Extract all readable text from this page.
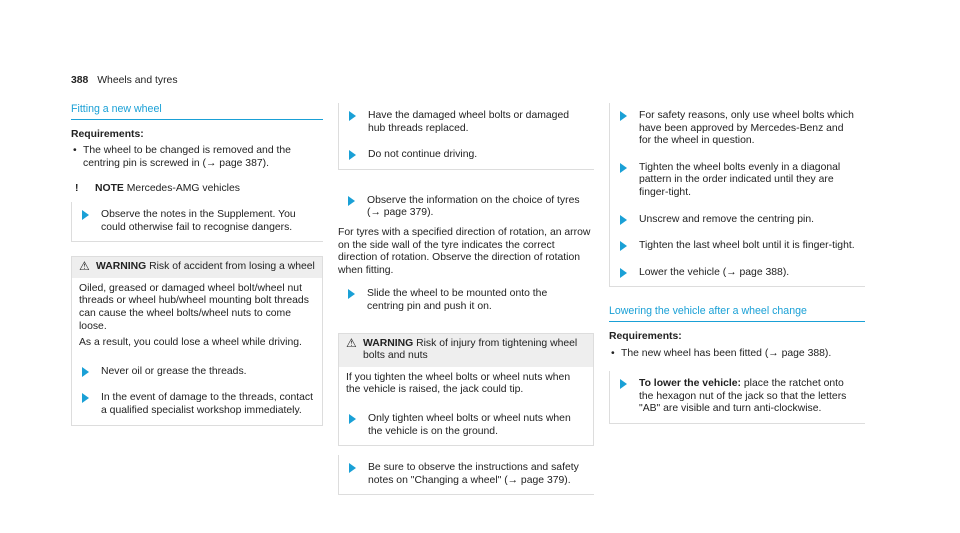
388 Wheels and tyres
Fitting a new wheel
Requirements:
• The wheel to be changed is removed and the centring pin is screwed in (→ page 387).
! NOTE Mercedes-AMG vehicles
Observe the notes in the Supplement. You could otherwise fail to recognise dangers.
⚠ WARNING Risk of accident from losing a wheel
Oiled, greased or damaged wheel bolt/wheel nut threads or wheel hub/wheel mounting bolt threads can cause the wheel bolts/wheel nuts to come loose.
As a result, you could lose a wheel while driving.
Never oil or grease the threads.
In the event of damage to the threads, contact a qualified specialist workshop immediately.
Have the damaged wheel bolts or damaged hub threads replaced.
Do not continue driving.
Observe the information on the choice of tyres (→ page 379).
For tyres with a specified direction of rotation, an arrow on the side wall of the tyre indicates the correct direction of rotation. Observe the direction of rotation when fitting.
Slide the wheel to be mounted onto the centring pin and push it on.
⚠ WARNING Risk of injury from tightening wheel bolts and nuts
If you tighten the wheel bolts or wheel nuts when the vehicle is raised, the jack could tip.
Only tighten wheel bolts or wheel nuts when the vehicle is on the ground.
Be sure to observe the instructions and safety notes on "Changing a wheel" (→ page 379).
For safety reasons, only use wheel bolts which have been approved by Mercedes-Benz and for the wheel in question.
Tighten the wheel bolts evenly in a diagonal pattern in the order indicated until they are finger-tight.
Unscrew and remove the centring pin.
Tighten the last wheel bolt until it is finger-tight.
Lower the vehicle (→ page 388).
Lowering the vehicle after a wheel change
Requirements:
• The new wheel has been fitted (→ page 388).
To lower the vehicle: place the ratchet onto the hexagon nut of the jack so that the letters "AB" are visible and turn anti-clockwise.
